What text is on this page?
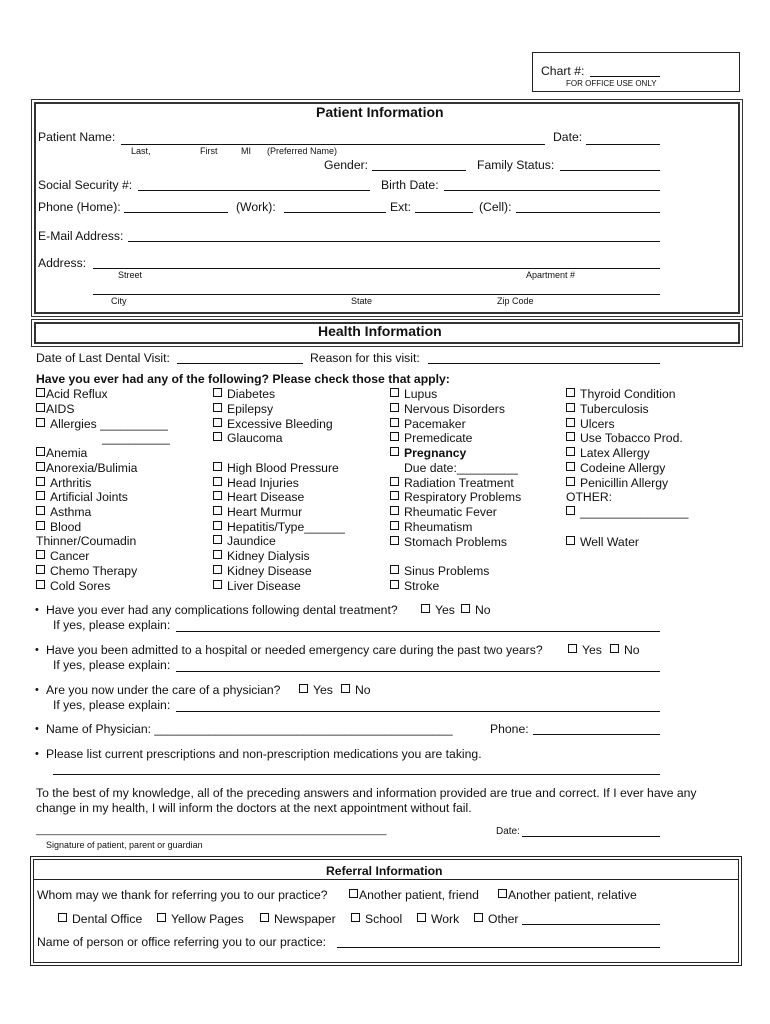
Chart #:
FOR OFFICE USE ONLY
Patient Information
Patient Name:	Date:
Last,	First	MI (Preferred Name)
Gender:	Family Status:
Social Security #:	Birth Date:
Phone (Home):	(Work):	Ext:	(Cell):
E-Mail Address:
Address:
Street	Apartment #
City	State	Zip Code
Health Information
Date of Last Dental Visit:	Reason for this visit:
Have you ever had any of the following? Please check those that apply:
Acid Reflux
AIDS
Allergies __________
__________
Anemia
Anorexia/Bulimia
Arthritis
Artificial Joints
Asthma
Blood
Thinner/Coumadin
Cancer
Chemo Therapy
Cold Sores
Diabetes
Epilepsy
Excessive Bleeding
Glaucoma
High Blood Pressure
Head Injuries
Heart Disease
Heart Murmur
Hepatitis/Type______
Jaundice
Kidney Dialysis
Kidney Disease
Liver Disease
Lupus
Nervous Disorders
Pacemaker
Premedicate
Pregnancy
Due date:_________
Radiation Treatment
Respiratory Problems
Rheumatic Fever
Rheumatism
Stomach Problems
Sinus Problems
Stroke
Thyroid Condition
Tuberculosis
Ulcers
Use Tobacco Prod.
Latex Allergy
Codeine Allergy
Penicillin Allergy
OTHER:
________________
Well Water
• Have you ever had any complications following dental treatment?	Yes	No
If yes, please explain:
• Have you been admitted to a hospital or needed emergency care during the past two years?	Yes	No
If yes, please explain:
• Are you now under the care of a physician?	Yes	No
If yes, please explain:
• Name of Physician: ____________________________________________	Phone:
• Please list current prescriptions and non-prescription medications you are taking.
To the best of my knowledge, all of the preceding answers and information provided are true and correct. If I ever have any change in my health, I will inform the doctors at the next appointment without fail.
_______________________________________________________________	Date:
Signature of patient, parent or guardian
Referral Information
Whom may we thank for referring you to our practice?	Another patient, friend	Another patient, relative
Dental Office	Yellow Pages	Newspaper	School	Work	Other
Name of person or office referring you to our practice:
